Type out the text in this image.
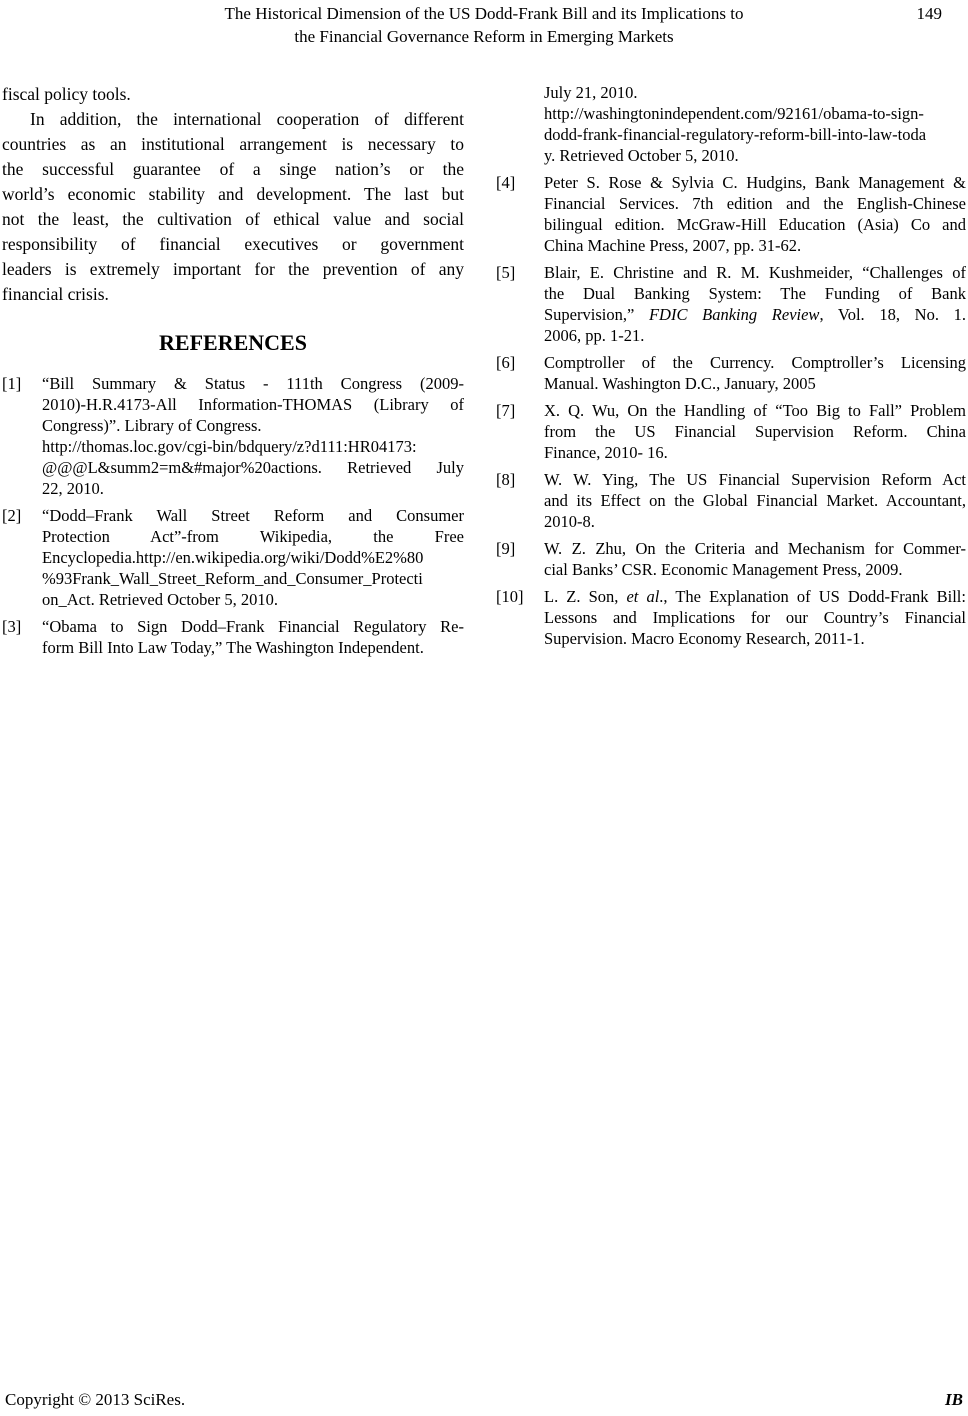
The Historical Dimension of the US Dodd-Frank Bill and its Implications to
the Financial Governance Reform in Emerging Markets
149
fiscal policy tools.
In addition, the international cooperation of different
countries as an institutional arrangement is necessary to
the successful guarantee of a singe nation’s or the
world’s economic stability and development. The last but
not the least, the cultivation of ethical value and social
responsibility of financial executives or government
leaders is extremely important for the prevention of any
financial crisis.
REFERENCES
[1]	“Bill Summary & Status - 111th Congress (2009-
2010)-H.R.4173-All Information-THOMAS (Library of
Congress)”. Library of Congress.
http://thomas.loc.gov/cgi-bin/bdquery/z?d111:HR04173:
@@@L&summ2=m&#major%20actions. Retrieved July
22, 2010.
[2]	“Dodd–Frank Wall Street Reform and Consumer
Protection Act”-from Wikipedia, the Free
Encyclopedia.http://en.wikipedia.org/wiki/Dodd%E2%80
%93Frank_Wall_Street_Reform_and_Consumer_Protecti
on_Act. Retrieved October 5, 2010.
[3]	“Obama to Sign Dodd–Frank Financial Regulatory Re-
form Bill Into Law Today,” The Washington Independent.
July 21, 2010.
http://washingtonindependent.com/92161/obama-to-sign-
dodd-frank-financial-regulatory-reform-bill-into-law-toda
y. Retrieved October 5, 2010.
[4]	Peter S. Rose & Sylvia C. Hudgins, Bank Management &
Financial Services. 7th edition and the English-Chinese
bilingual edition. McGraw-Hill Education (Asia) Co and
China Machine Press, 2007, pp. 31-62.
[5]	Blair, E. Christine and R. M. Kushmeider, “Challenges of
the Dual Banking System: The Funding of Bank
Supervision,” FDIC Banking Review, Vol. 18, No. 1.
2006, pp. 1-21.
[6]	Comptroller of the Currency. Comptroller’s Licensing
Manual. Washington D.C., January, 2005
[7]	X. Q. Wu, On the Handling of “Too Big to Fall” Problem
from the US Financial Supervision Reform. China
Finance, 2010- 16.
[8]	W. W. Ying, The US Financial Supervision Reform Act
and its Effect on the Global Financial Market. Accountant,
2010-8.
[9]	W. Z. Zhu, On the Criteria and Mechanism for Commer-
cial Banks’ CSR. Economic Management Press, 2009.
[10]	L. Z. Son, et al., The Explanation of US Dodd-Frank Bill:
Lessons and Implications for our Country’s Financial
Supervision. Macro Economy Research, 2011-1.
Copyright © 2013 SciRes.	IB
